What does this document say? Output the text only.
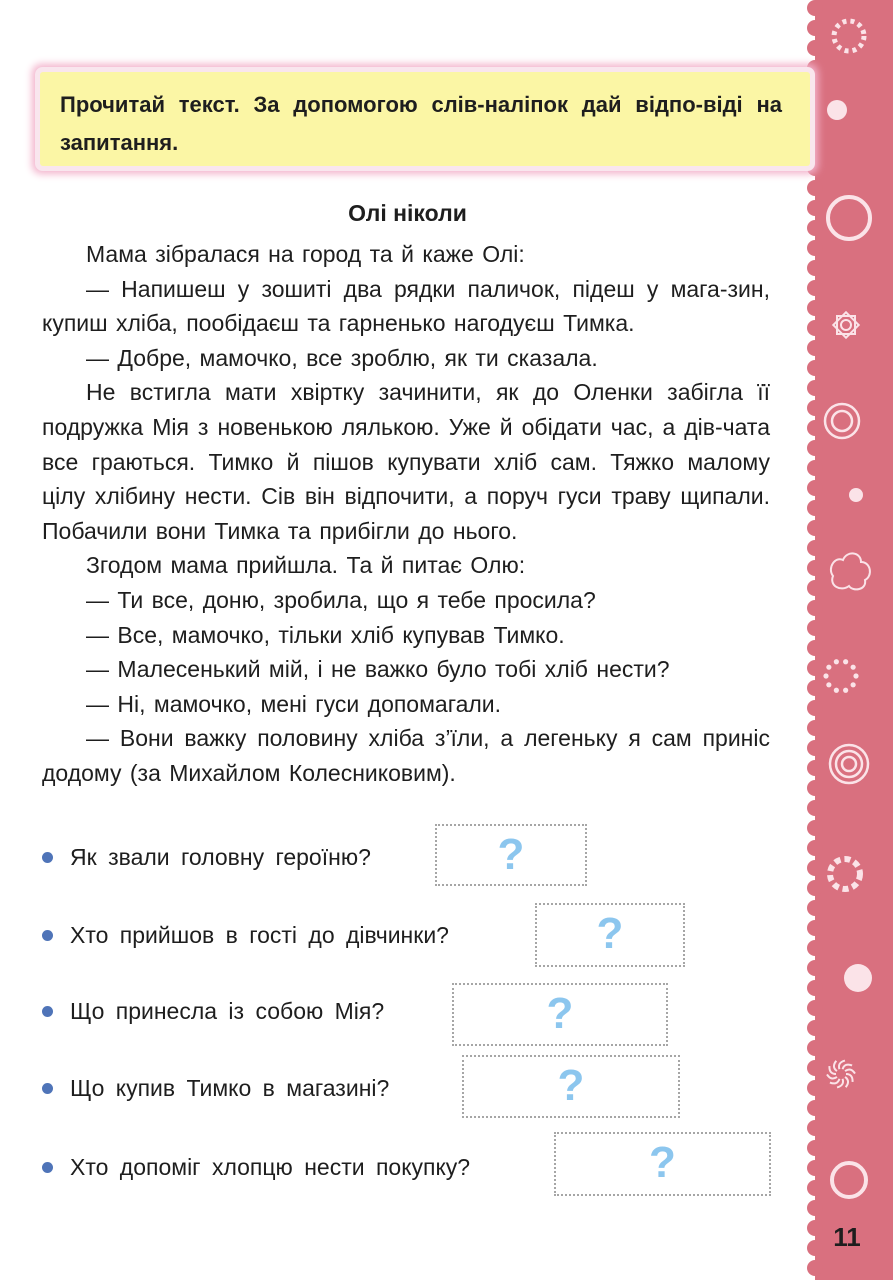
11
Прочитай текст. За допомогою слів-наліпок дай відпо-віді на запитання.
Олі ніколи

Мама зібралася на город та й каже Олі:

— Напишеш у зошиті два рядки паличок, підеш у мага-зин, купиш хліба, пообідаєш та гарненько нагодуєш Тимка.

— Добре, мамочко, все зроблю, як ти сказала.

Не встигла мати хвіртку зачинити, як до Оленки забігла її подружка Мія з новенькою лялькою. Уже й обідати час, а дів-чата все граються. Тимко й пішов купувати хліб сам. Тяжко малому цілу хлібину нести. Сів він відпочити, а поруч гуси траву щипали. Побачили вони Тимка та прибігли до нього.

Згодом мама прийшла. Та й питає Олю:

— Ти все, доню, зробила, що я тебе просила?

— Все, мамочко, тільки хліб купував Тимко.

— Малесенький мій, і не важко було тобі хліб нести?

— Ні, мамочко, мені гуси допомагали.

— Вони важку половину хліба з’їли, а легеньку я сам приніс додому (за Михайлом Колесниковим).

Як звали головну героїню?	?
Хто прийшов в гості до дівчинки?	?
Що принесла із собою Мія?	?
Що купив Тимко в магазині?	?
Хто допоміг хлопцю нести покупку?	?
